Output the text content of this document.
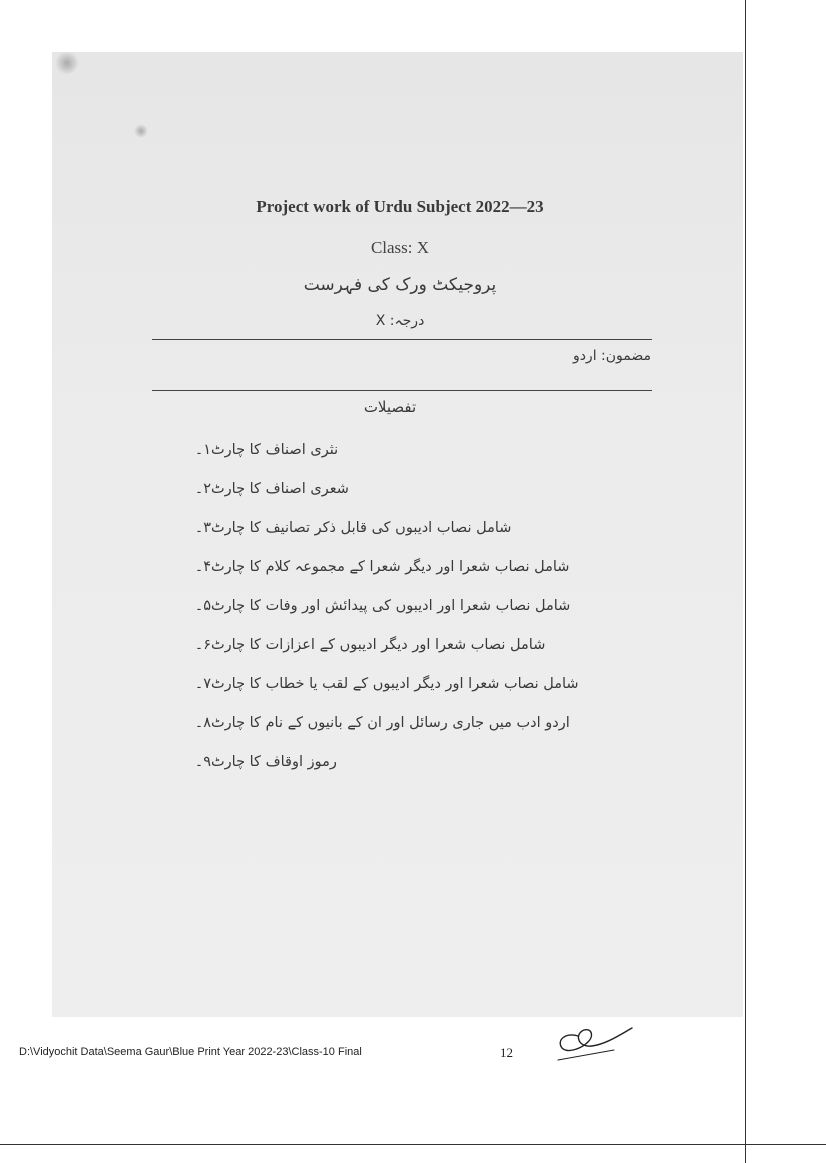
Project work of Urdu Subject 2022—23
Class: X
پروجیکٹ ورک کی فہرست
درجہ: X
مضمون: اردو
تفصیلات
۱۔ نثری اصناف کا چارٹ
۲۔ شعری اصناف کا چارٹ
۳۔ شامل نصاب ادیبوں کی قابل ذکر تصانیف کا چارٹ
۴۔ شامل نصاب شعرا اور دیگر شعرا کے مجموعہ کلام کا چارٹ
۵۔ شامل نصاب شعرا اور ادیبوں کی پیدائش اور وفات کا چارٹ
۶۔ شامل نصاب شعرا اور دیگر ادیبوں کے اعزازات کا چارٹ
۷۔ شامل نصاب شعرا اور دیگر ادیبوں کے لقب یا خطاب کا چارٹ
۸۔ اردو ادب میں جاری رسائل اور ان کے بانیوں کے نام کا چارٹ
۹۔ رموز اوقاف کا چارٹ
D:\Vidyochit Data\Seema Gaur\Blue Print Year 2022-23\Class-10 Final	12
